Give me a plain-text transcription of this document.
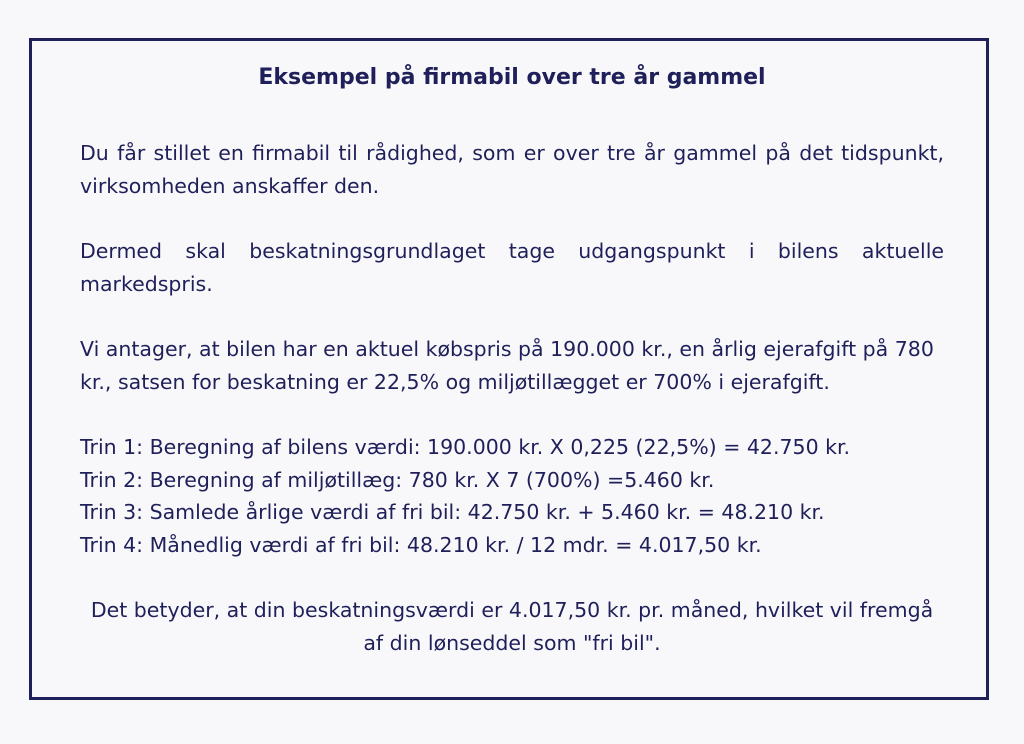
Eksempel på firmabil over tre år gammel

Du får stillet en firmabil til rådighed, som er over tre år gammel på det tidspunkt, virksomheden anskaffer den.

Dermed skal beskatningsgrundlaget tage udgangspunkt i bilens aktuelle markedspris.

Vi antager, at bilen har en aktuel købspris på 190.000 kr., en årlig ejerafgift på 780 kr., satsen for beskatning er 22,5% og miljøtillægget er 700% i ejerafgift.

Trin 1: Beregning af bilens værdi: 190.000 kr. X 0,225 (22,5%) = 42.750 kr.
Trin 2: Beregning af miljøtillæg: 780 kr. X 7 (700%) =5.460 kr.
Trin 3: Samlede årlige værdi af fri bil: 42.750 kr. + 5.460 kr. = 48.210 kr.
Trin 4: Månedlig værdi af fri bil: 48.210 kr. / 12 mdr. = 4.017,50 kr.

Det betyder, at din beskatningsværdi er 4.017,50 kr. pr. måned, hvilket vil fremgå af din lønseddel som "fri bil".
